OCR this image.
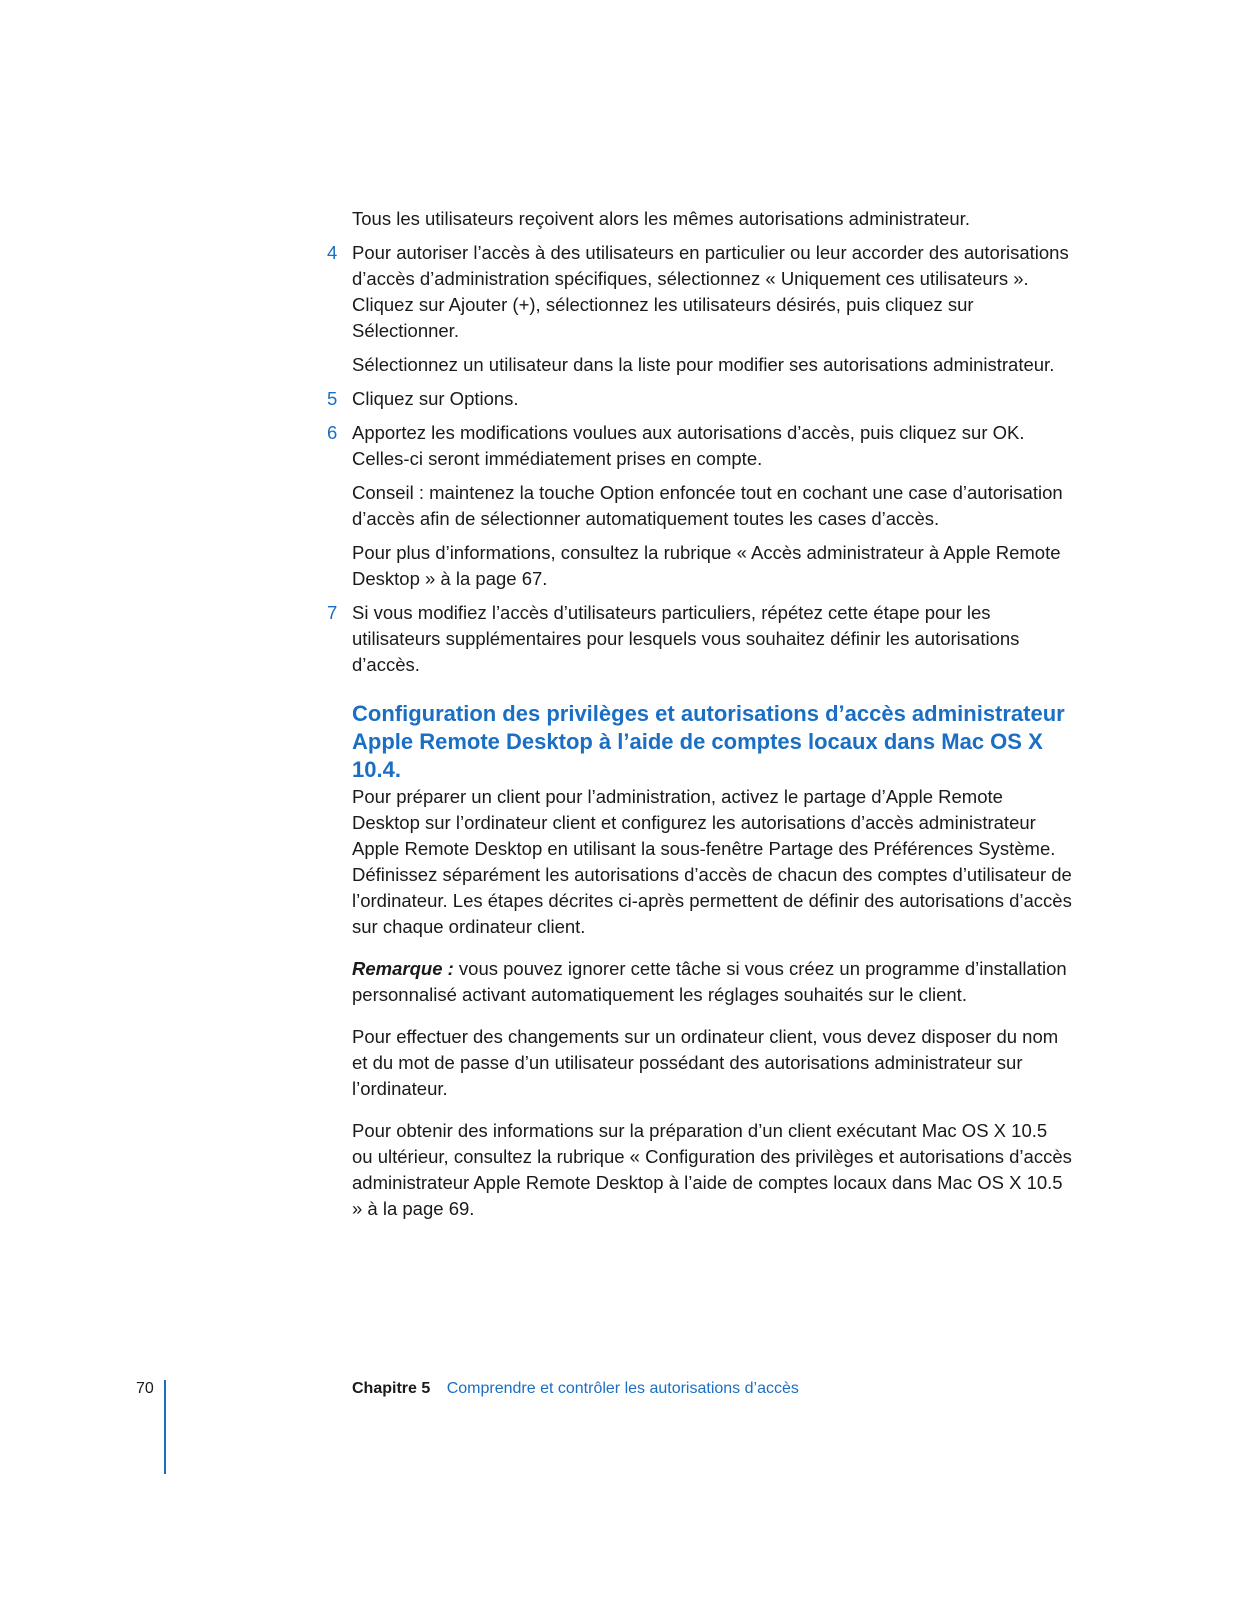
Tous les utilisateurs reçoivent alors les mêmes autorisations administrateur.

4 Pour autoriser l’accès à des utilisateurs en particulier ou leur accorder des autorisations d’accès d’administration spécifiques, sélectionnez « Uniquement ces utilisateurs ». Cliquez sur Ajouter (+), sélectionnez les utilisateurs désirés, puis cliquez sur Sélectionner.

Sélectionnez un utilisateur dans la liste pour modifier ses autorisations administrateur.

5 Cliquez sur Options.

6 Apportez les modifications voulues aux autorisations d’accès, puis cliquez sur OK. Celles-ci seront immédiatement prises en compte.

Conseil : maintenez la touche Option enfoncée tout en cochant une case d’autorisation d’accès afin de sélectionner automatiquement toutes les cases d’accès.

Pour plus d’informations, consultez la rubrique « Accès administrateur à Apple Remote Desktop » à la page 67.

7 Si vous modifiez l’accès d’utilisateurs particuliers, répétez cette étape pour les utilisateurs supplémentaires pour lesquels vous souhaitez définir les autorisations d’accès.

Configuration des privilèges et autorisations d’accès administrateur Apple Remote Desktop à l’aide de comptes locaux dans Mac OS X 10.4.

Pour préparer un client pour l’administration, activez le partage d’Apple Remote Desktop sur l’ordinateur client et configurez les autorisations d’accès administrateur Apple Remote Desktop en utilisant la sous-fenêtre Partage des Préférences Système. Définissez séparément les autorisations d’accès de chacun des comptes d’utilisateur de l’ordinateur. Les étapes décrites ci-après permettent de définir des autorisations d’accès sur chaque ordinateur client.

Remarque : vous pouvez ignorer cette tâche si vous créez un programme d’installation personnalisé activant automatiquement les réglages souhaités sur le client.

Pour effectuer des changements sur un ordinateur client, vous devez disposer du nom et du mot de passe d’un utilisateur possédant des autorisations administrateur sur l’ordinateur.

Pour obtenir des informations sur la préparation d’un client exécutant Mac OS X 10.5 ou ultérieur, consultez la rubrique « Configuration des privilèges et autorisations d’accès administrateur Apple Remote Desktop à l’aide de comptes locaux dans Mac OS X 10.5 » à la page 69.

70	Chapitre 5 Comprendre et contrôler les autorisations d’accès
